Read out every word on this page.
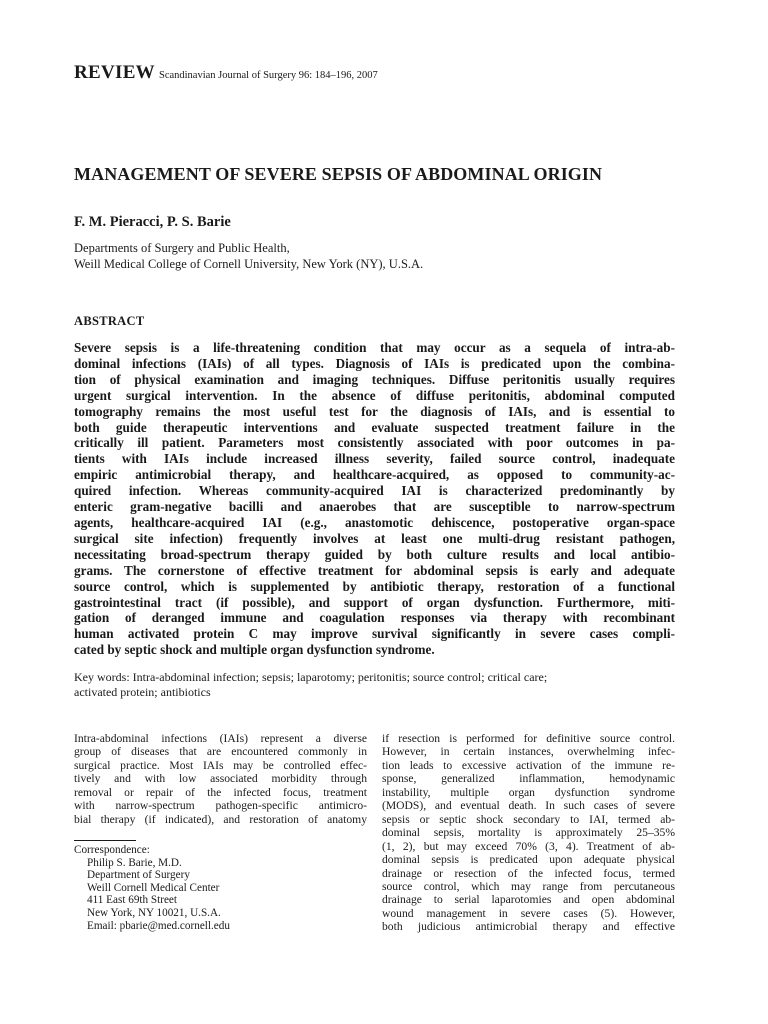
REVIEW Scandinavian Journal of Surgery 96: 184–196, 2007
MANAGEMENT OF SEVERE SEPSIS OF ABDOMINAL ORIGIN
F. M. Pieracci, P. S. Barie
Departments of Surgery and Public Health,
Weill Medical College of Cornell University, New York (NY), U.S.A.
ABSTRACT
Severe sepsis is a life-threatening condition that may occur as a sequela of intra-ab-
dominal infections (IAIs) of all types. Diagnosis of IAIs is predicated upon the combina-
tion of physical examination and imaging techniques. Diffuse peritonitis usually requires
urgent surgical intervention. In the absence of diffuse peritonitis, abdominal computed
tomography remains the most useful test for the diagnosis of IAIs, and is essential to
both guide therapeutic interventions and evaluate suspected treatment failure in the
critically ill patient. Parameters most consistently associated with poor outcomes in pa-
tients with IAIs include increased illness severity, failed source control, inadequate
empiric antimicrobial therapy, and healthcare-acquired, as opposed to community-ac-
quired infection. Whereas community-acquired IAI is characterized predominantly by
enteric gram-negative bacilli and anaerobes that are susceptible to narrow-spectrum
agents, healthcare-acquired IAI (e.g., anastomotic dehiscence, postoperative organ-space
surgical site infection) frequently involves at least one multi-drug resistant pathogen,
necessitating broad-spectrum therapy guided by both culture results and local antibio-
grams. The cornerstone of effective treatment for abdominal sepsis is early and adequate
source control, which is supplemented by antibiotic therapy, restoration of a functional
gastrointestinal tract (if possible), and support of organ dysfunction. Furthermore, miti-
gation of deranged immune and coagulation responses via therapy with recombinant
human activated protein C may improve survival significantly in severe cases compli-
cated by septic shock and multiple organ dysfunction syndrome.
Key words: Intra-abdominal infection; sepsis; laparotomy; peritonitis; source control; critical care;
activated protein; antibiotics
Intra-abdominal infections (IAIs) represent a diverse
group of diseases that are encountered commonly in
surgical practice. Most IAIs may be controlled effec-
tively and with low associated morbidity through
removal or repair of the infected focus, treatment
with narrow-spectrum pathogen-specific antimicro-
bial therapy (if indicated), and restoration of anatomy
Correspondence:
Philip S. Barie, M.D.
Department of Surgery
Weill Cornell Medical Center
411 East 69th Street
New York, NY 10021, U.S.A.
Email: pbarie@med.cornell.edu
if resection is performed for definitive source control.
However, in certain instances, overwhelming infec-
tion leads to excessive activation of the immune re-
sponse, generalized inflammation, hemodynamic
instability, multiple organ dysfunction syndrome
(MODS), and eventual death. In such cases of severe
sepsis or septic shock secondary to IAI, termed ab-
dominal sepsis, mortality is approximately 25–35%
(1, 2), but may exceed 70% (3, 4). Treatment of ab-
dominal sepsis is predicated upon adequate physical
drainage or resection of the infected focus, termed
source control, which may range from percutaneous
drainage to serial laparotomies and open abdominal
wound management in severe cases (5). However,
both judicious antimicrobial therapy and effective
